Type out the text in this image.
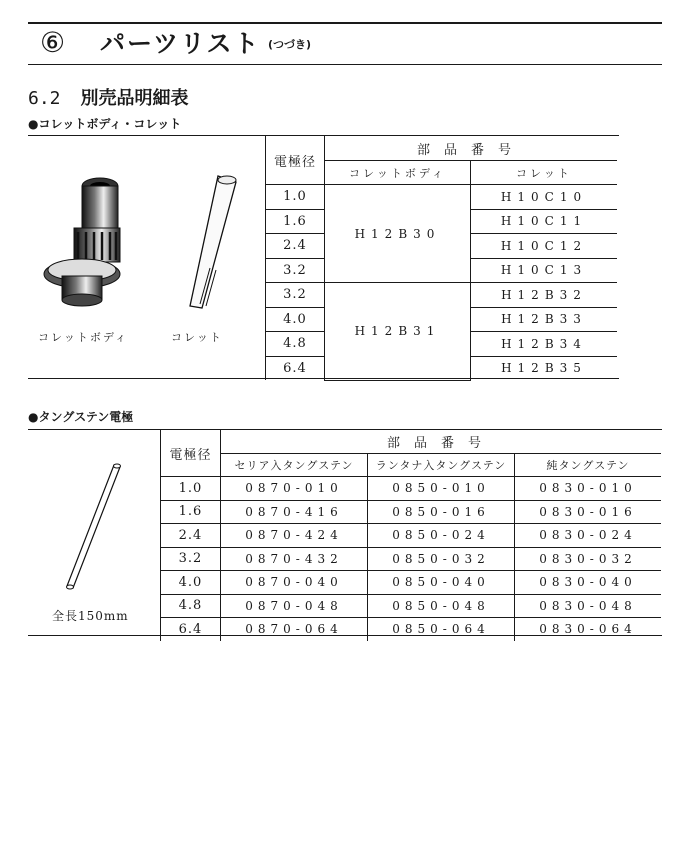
⑥ パーツリスト (つづき)
6.2 別売品明細表
●コレットボディ・コレット
コレットボディ	コレット
電極径	部品番号	
	コレットボディ	コレット
1.0	H12B30	H10C10
1.6		H10C11
2.4		H10C12
3.2		H10C13
3.2	H12B31	H12B32
4.0		H12B33
4.8		H12B34
6.4		H12B35
●タングステン電極
全長150mm
電極径	部品番号		
	セリア入タングステン	ランタナ入タングステン	純タングステン
1.0	0870-010	0850-010	0830-010
1.6	0870-416	0850-016	0830-016
2.4	0870-424	0850-024	0830-024
3.2	0870-432	0850-032	0830-032
4.0	0870-040	0850-040	0830-040
4.8	0870-048	0850-048	0830-048
6.4	0870-064	0850-064	0830-064
